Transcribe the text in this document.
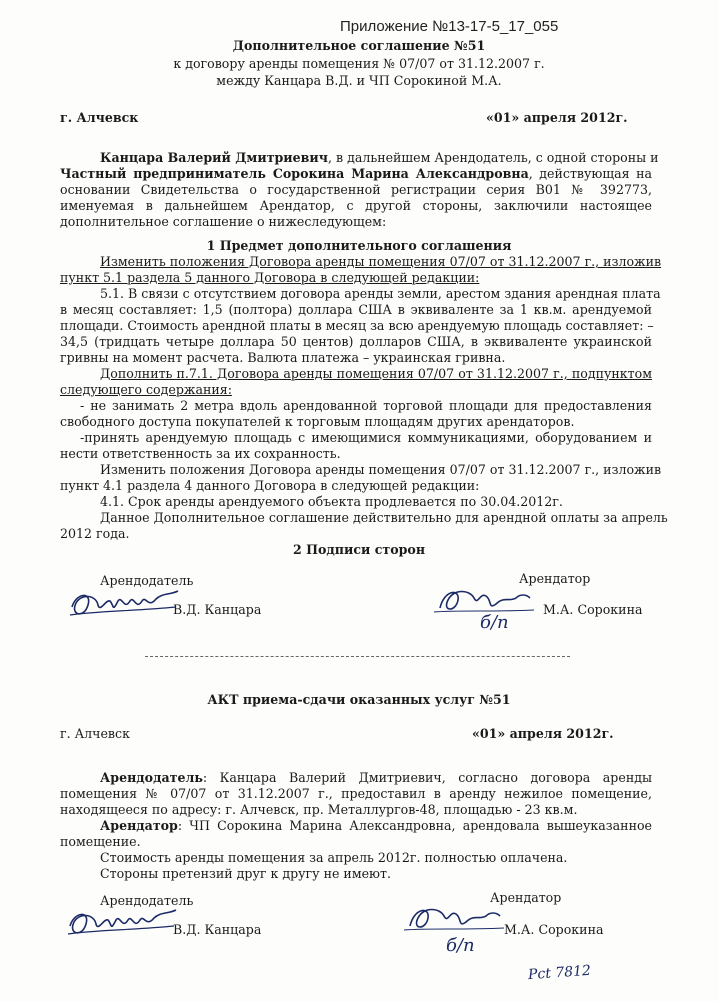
Приложение №13-17-5_17_055
Дополнительное соглашение №51
к договору аренды помещения № 07/07 от 31.12.2007 г.
между Канцара В.Д. и ЧП Сорокиной М.А.
г. Алчевск	«01» апреля 2012г.
Канцара Валерий Дмитриевич, в дальнейшем Арендодатель, с одной стороны и
Частный предприниматель Сорокина Марина Александровна, действующая на
основании Свидетельства о государственной регистрации серия В01 № 392773,
именуемая в дальнейшем Арендатор, с другой стороны, заключили настоящее
дополнительное соглашение о нижеследующем:
1 Предмет дополнительного соглашения
Изменить положения Договора аренды помещения 07/07 от 31.12.2007 г., изложив
пункт 5.1 раздела 5 данного Договора в следующей редакции:
5.1. В связи с отсутствием договора аренды земли, арестом здания арендная плата
в месяц составляет: 1,5 (полтора) доллара США в эквиваленте за 1 кв.м. арендуемой
площади. Стоимость арендной платы в месяц за всю арендуемую площадь составляет: –
34,5 (тридцать четыре доллара 50 центов) долларов США, в эквиваленте украинской
гривны на момент расчета. Валюта платежа – украинская гривна.
Дополнить п.7.1. Договора аренды помещения 07/07 от 31.12.2007 г., подпунктом
следующего содержания:
- не занимать 2 метра вдоль арендованной торговой площади для предоставления
свободного доступа покупателей к торговым площадям других арендаторов.
-принять арендуемую площадь с имеющимися коммуникациями, оборудованием и
нести ответственность за их сохранность.
Изменить положения Договора аренды помещения 07/07 от 31.12.2007 г., изложив
пункт 4.1 раздела 4 данного Договора в следующей редакции:
4.1. Срок аренды арендуемого объекта продлевается по 30.04.2012г.
Данное Дополнительное соглашение действительно для арендной оплаты за апрель
2012 года.
2 Подписи сторон
Арендодатель
В.Д. Канцара
Арендатор
М.А. Сорокина
б/п
АКТ приема-сдачи оказанных услуг №51
г. Алчевск	«01» апреля 2012г.
Арендодатель: Канцара Валерий Дмитриевич, согласно договора аренды
помещения № 07/07 от 31.12.2007 г., предоставил в аренду нежилое помещение,
находящееся по адресу: г. Алчевск, пр. Металлургов-48, площадью - 23 кв.м.
Арендатор: ЧП Сорокина Марина Александровна, арендовала вышеуказанное
помещение.
Стоимость аренды помещения за апрель 2012г. полностью оплачена.
Стороны претензий друг к другу не имеют.
Арендодатель
В.Д. Канцара
Арендатор
М.А. Сорокина
б/п
Рсt 7812
